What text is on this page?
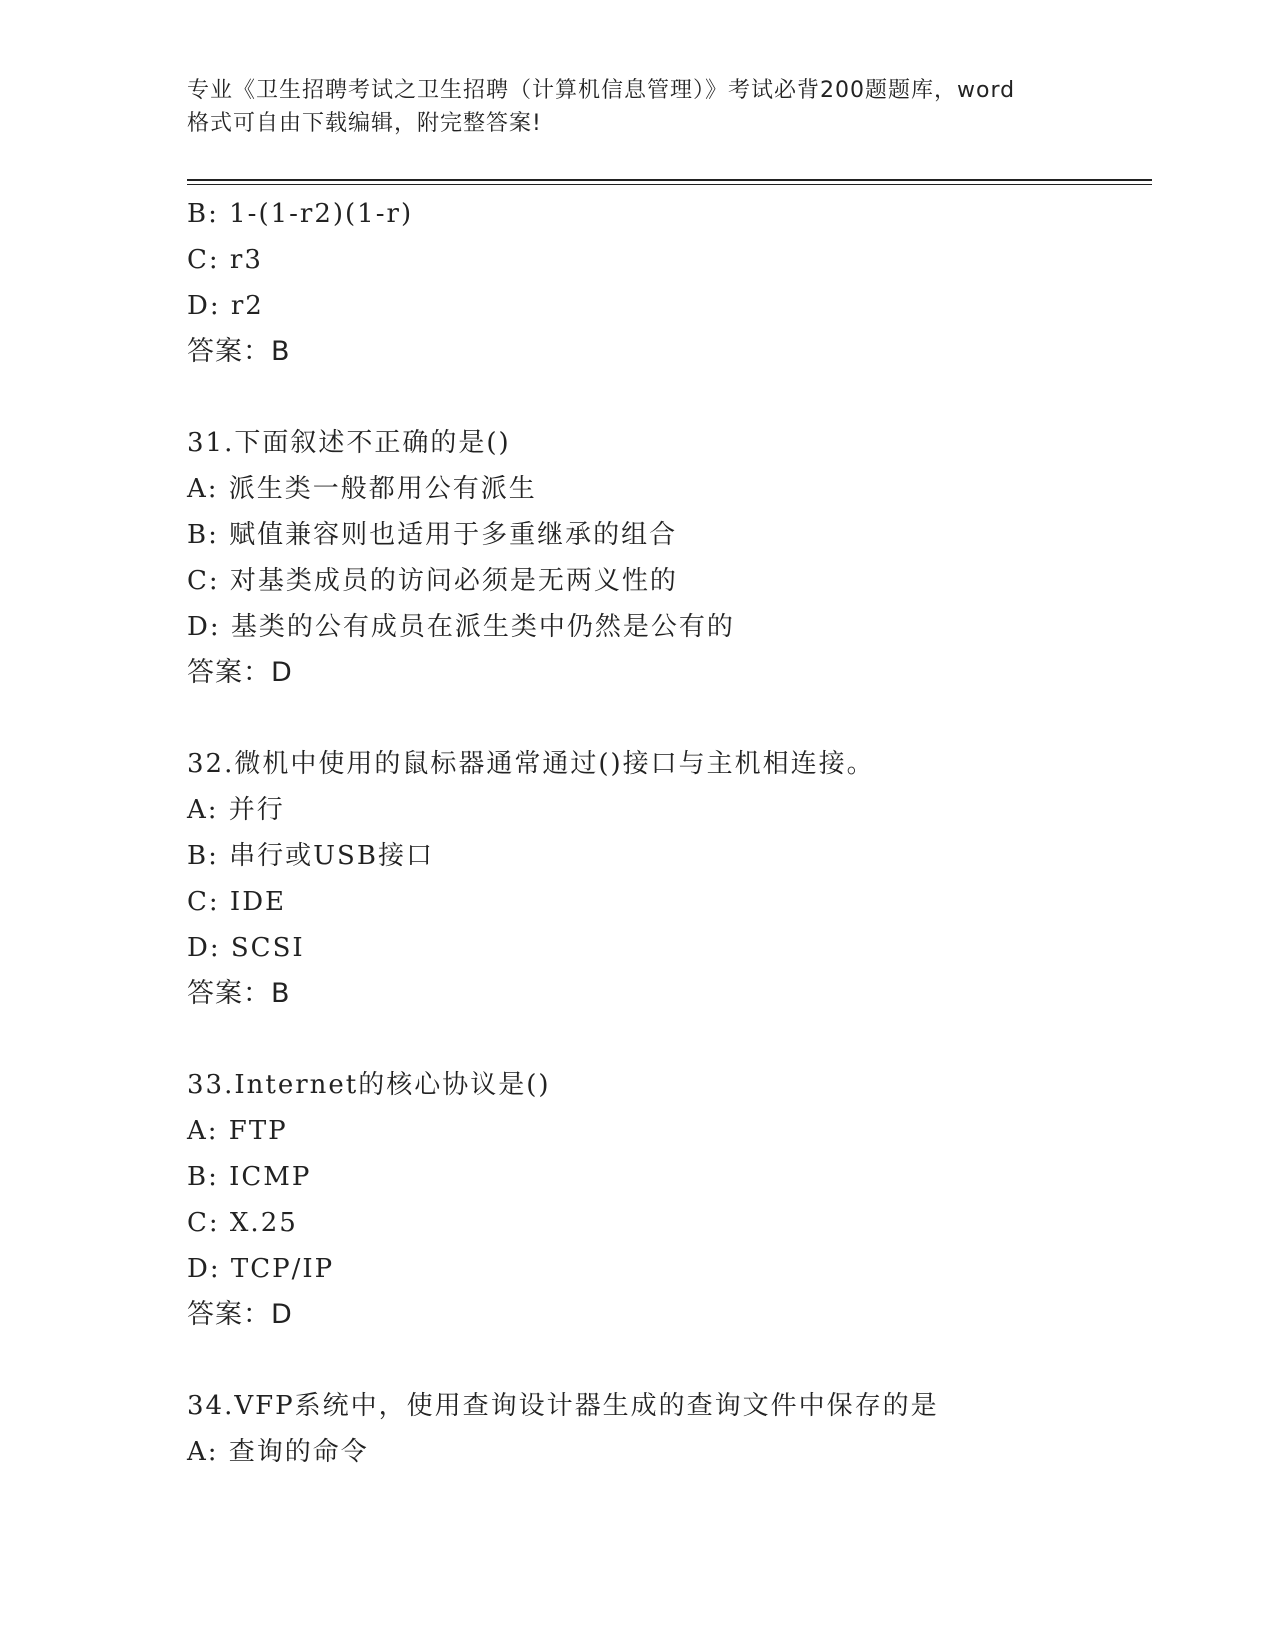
专业《卫生招聘考试之卫生招聘（计算机信息管理）》考试必背200题题库，word
格式可自由下载编辑，附完整答案!
B: 1-(1-r2)(1-r)
C: r3
D: r2
答案：B
31.下面叙述不正确的是()
A: 派生类一般都用公有派生
B: 赋值兼容则也适用于多重继承的组合
C: 对基类成员的访问必须是无两义性的
D: 基类的公有成员在派生类中仍然是公有的
答案：D
32.微机中使用的鼠标器通常通过()接口与主机相连接。
A: 并行
B: 串行或USB接口
C: IDE
D: SCSI
答案：B
33.Internet的核心协议是()
A: FTP
B: ICMP
C: X.25
D: TCP/IP
答案：D
34.VFP系统中，使用查询设计器生成的查询文件中保存的是
A: 查询的命令
